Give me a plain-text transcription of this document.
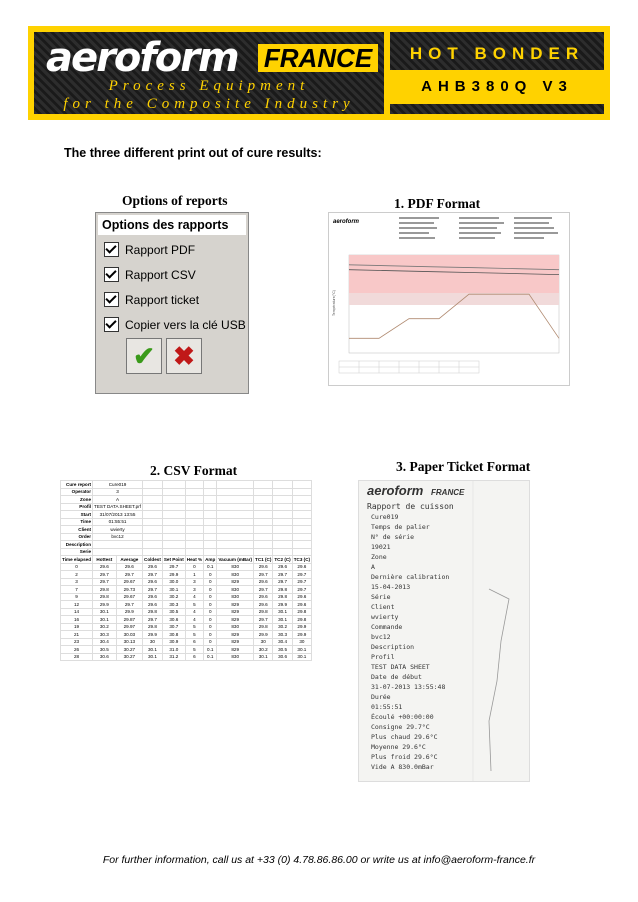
aeroform FRANCE
Process Equipment
for the Composite Industry
HOT BONDER
AHB380Q V3
The three different print out of cure results:
Options of reports	1. PDF Format
2. CSV Format	3. Paper Ticket Format
Options des rapports
Rapport PDF
Rapport CSV
Rapport ticket
Copier vers la clé USB
✔ ✖
aeroform
Température(°C)
Cure report	Cure019									
Operator	3									
Zone	A									
Profil	TEST DATA SHEET.prf									
Start	31/07/2013 13:55									
Time	01:55:51									
Client	wvierty									
Order	bvc12									
Description										
Serie										
Time elapsed	Hottest	Average	Coldest	Set Point	Heat %	Amp	Vacuum (mBar)	TC1 (C)	TC2 (C)	TC3 (C)
0	29.6	29.6	29.6	29.7	0	0.1	830	29.6	29.6	29.6
2	29.7	29.7	29.7	29.9	1	0	830	29.7	29.7	29.7
3	29.7	29.67	29.6	30.0	3	0	829	29.6	29.7	29.7
7	29.8	29.73	29.7	30.1	3	0	830	29.7	29.8	29.7
9	29.8	29.67	29.6	30.2	4	0	830	29.6	29.8	29.6
12	29.9	29.7	29.6	30.3	5	0	829	29.6	29.9	29.6
14	30.1	29.9	29.8	30.5	4	0	829	29.8	30.1	29.8
16	30.1	29.87	29.7	30.6	4	0	829	29.7	30.1	29.8
19	30.2	29.97	29.8	30.7	5	0	830	29.8	30.2	29.9
21	30.3	30.03	29.9	30.8	5	0	829	29.9	30.3	29.9
23	30.4	30.13	30	30.9	6	0	829	30	30.4	30
26	30.5	30.27	30.1	31.0	5	0.1	829	30.2	30.5	30.1
28	30.6	30.27	30.1	31.2	6	0.1	830	30.1	30.6	30.1
aeroform FRANCE
Rapport de cuisson
Cure019
Temps de palier
N° de série
19021
Zone
A
Dernière calibration
15-04-2013
Série
Client
wvierty
Commande
bvc12
Description
Profil
TEST DATA SHEET
Date de début
31-07-2013 13:55:48
Durée
01:55:51
Écoulé +00:00:00
Consigne 29.7°C
Plus chaud 29.6°C
Moyenne 29.6°C
Plus froid 29.6°C
Vide A 830.0mBar
For further information, call us at +33 (0) 4.78.86.86.00 or write us at info@aeroform-france.fr
